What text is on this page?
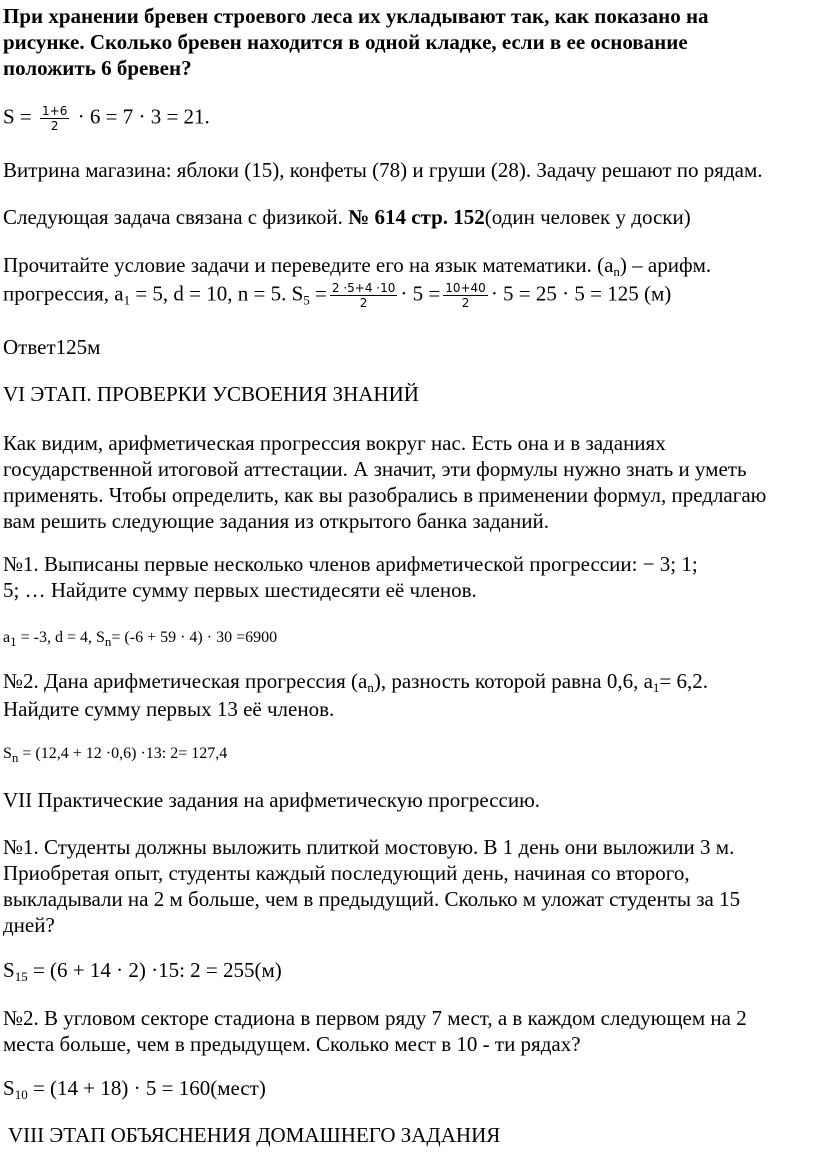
При хранении бревен строевого леса их укладывают так, как показано на
рисунке. Сколько бревен находится в одной кладке, если в ее основание
положить 6 бревен?
$S = \frac{1+6}{2} \cdot 6 = 7 \cdot 3 = 21$.
Витрина магазина: яблоки (15), конфеты (78) и груши (28). Задачу решают по рядам.
Следующая задача связана с физикой. № 614 стр. 152(один человек у доски)
Прочитайте условие задачи и переведите его на язык математики. $(a_n)$ – арифм.
прогрессия, $a_1 = 5$, d = 10, n = 5. $S_5 = \frac{2 \cdot 5+4 \cdot 10}{2} \cdot 5 = \frac{10+40}{2} \cdot 5 = 25 \cdot 5 = 125$ (м)
Ответ125м
VI ЭТАП. ПРОВЕРКИ УСВОЕНИЯ ЗНАНИЙ
Как видим, арифметическая прогрессия вокруг нас. Есть она и в заданиях
государственной итоговой аттестации. А значит, эти формулы нужно знать и уметь
применять. Чтобы определить, как вы разобрались в применении формул, предлагаю
вам решить следующие задания из открытого банка заданий.
№1. Выписаны первые несколько членов арифметической прогрессии: − 3; 1;
5; … Найдите сумму первых шестидесяти её членов.
$a_1 = -3$, d = 4, $S_n= (-6 + 59 \cdot 4) \cdot 30 =6900$
№2. Дана арифметическая прогрессия $(a_n)$, разность которой равна 0,6, $a_1= 6,2$.
Найдите сумму первых 13 её членов.
$S_n = (12,4 + 12 \cdot 0,6) \cdot 13$: 2= 127,4
VII Практические задания на арифметическую прогрессию.
№1. Студенты должны выложить плиткой мостовую. В 1 день они выложили 3 м.
Приобретая опыт, студенты каждый последующий день, начиная со второго,
выкладывали на 2 м больше, чем в предыдущий. Сколько м уложат студенты за 15
дней?
$S_{15} = (6 + 14 \cdot 2) \cdot 15$: 2 = 255(м)
№2. В угловом секторе стадиона в первом ряду 7 мест, а в каждом следующем на 2
места больше, чем в предыдущем. Сколько мест в 10 - ти рядах?
$S_{10} = (14 + 18) \cdot 5$ = 160(мест)
VIII ЭТАП ОБЪЯСНЕНИЯ ДОМАШНЕГО ЗАДАНИЯ
